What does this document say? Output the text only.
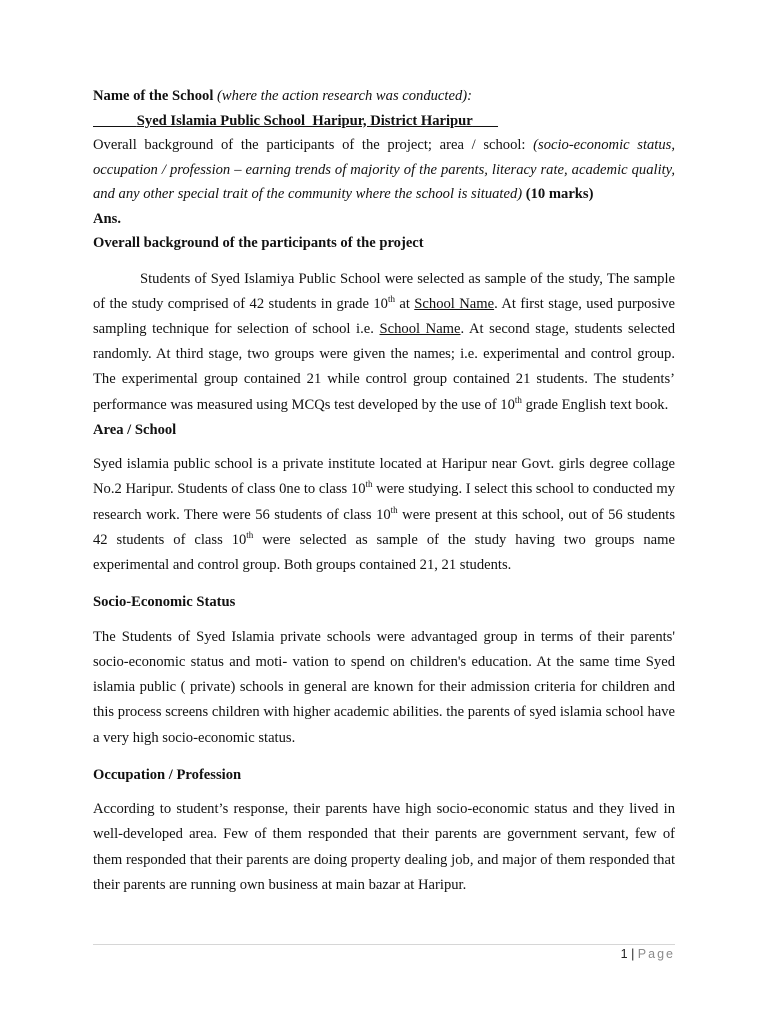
Name of the School (where the action research was conducted):

Syed Islamia Public School  Haripur, District Haripur

Overall background of the participants of the project; area / school: (socio-economic status, occupation / profession – earning trends of majority of the parents, literacy rate, academic quality, and any other special trait of the community where the school is situated) (10 marks)

Ans.

Overall background of the participants of the project

Students of Syed Islamiya Public School were selected as sample of the study, The sample of the study comprised of 42 students in grade 10th at School Name. At first stage, used purposive sampling technique for selection of school i.e. School Name. At second stage, students selected randomly. At third stage, two groups were given the names; i.e. experimental and control group. The experimental group contained 21 while control group contained 21 students. The students’ performance was measured using MCQs test developed by the use of 10th grade English text book.

Area / School

Syed islamia public school is a private institute located at Haripur near Govt. girls degree collage No.2 Haripur. Students of class 0ne to class 10th were studying. I select this school to conducted my research work. There were 56 students of class 10th were present at this school, out of 56 students 42 students of class 10th were selected as sample of the study having two groups name experimental and control group. Both groups contained 21, 21 students.

Socio-Economic Status

The Students of Syed Islamia private schools were advantaged group in terms of their parents' socio-economic status and moti- vation to spend on children's education. At the same time Syed islamia public ( private) schools in general are known for their admission criteria for children and this process screens children with higher academic abilities. the parents of syed islamia school have a very high socio-economic status.

Occupation / Profession

According to student’s response, their parents have high socio-economic status and they lived in well-developed area. Few of them responded that their parents are government servant, few of them responded that their parents are doing property dealing job, and major of them responded that their parents are running own business at main bazar at Haripur.

1 | Page
